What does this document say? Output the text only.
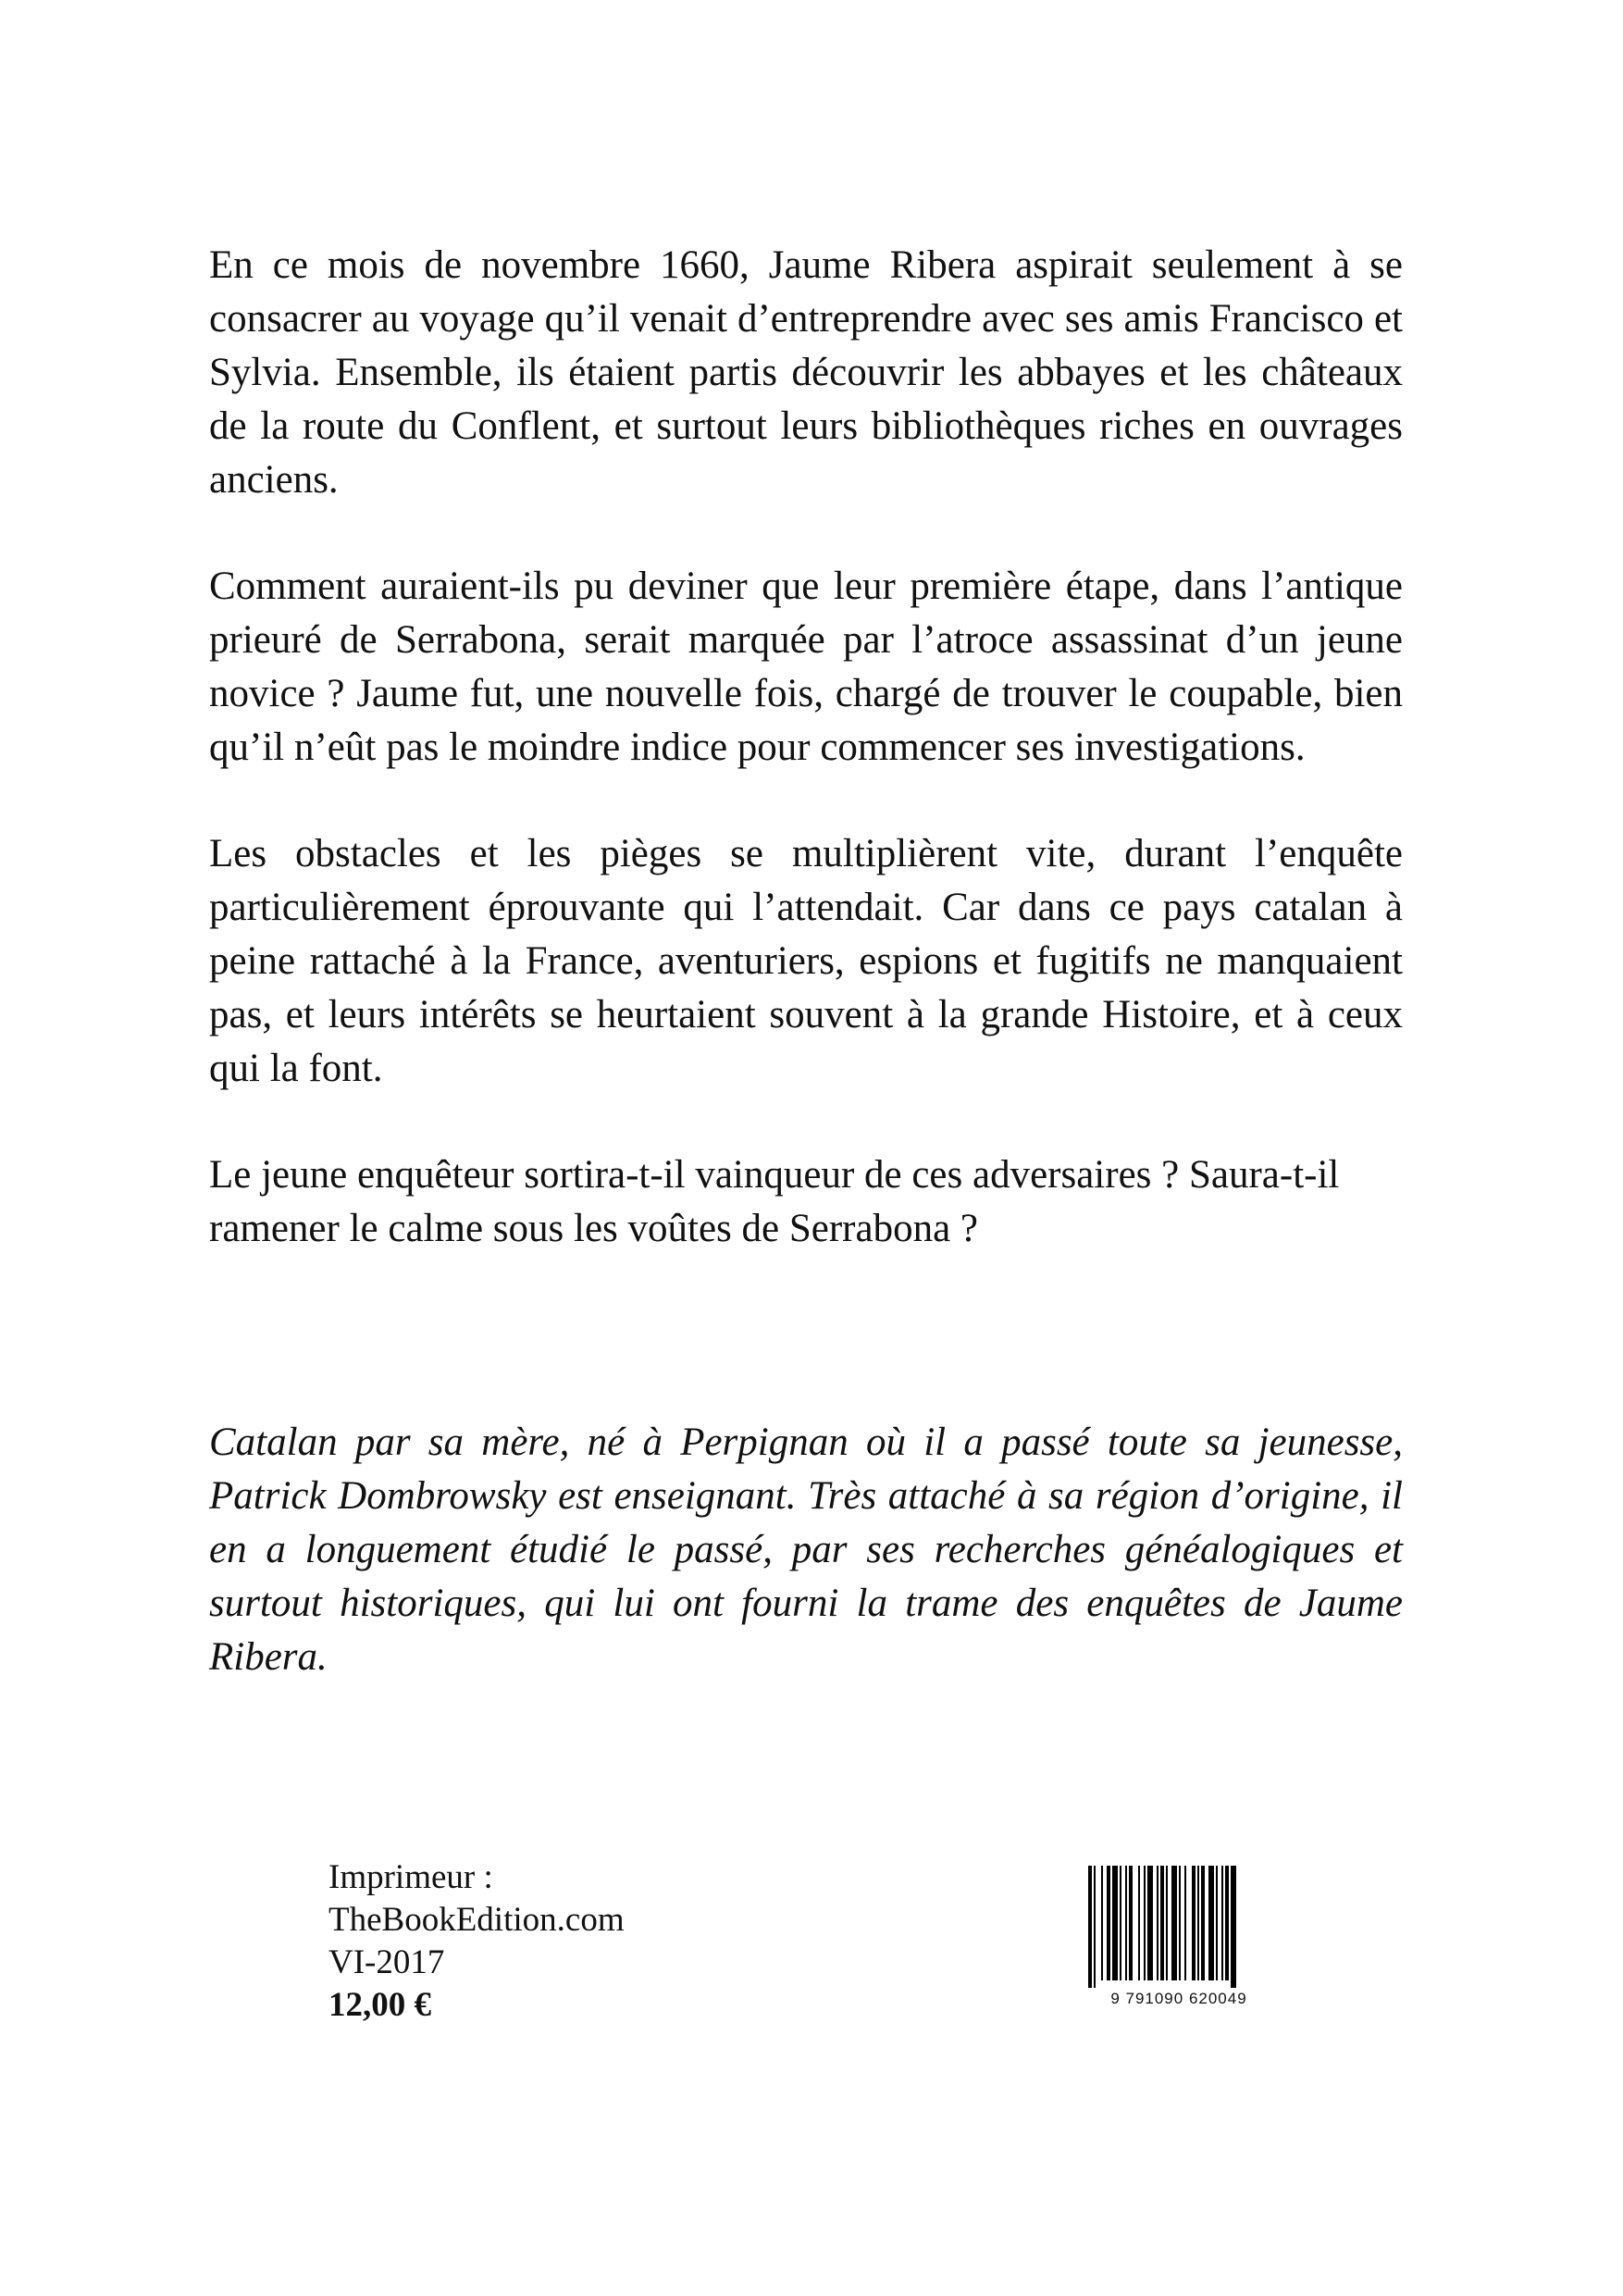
En ce mois de novembre 1660, Jaume Ribera aspirait seulement à se consacrer au voyage qu’il venait d’entreprendre avec ses amis Francisco et Sylvia. Ensemble, ils étaient partis découvrir les abbayes et les châteaux de la route du Conflent, et surtout leurs bibliothèques riches en ouvrages anciens.

Comment auraient-ils pu deviner que leur première étape, dans l’antique prieuré de Serrabona, serait marquée par l’atroce assassinat d’un jeune novice ? Jaume fut, une nouvelle fois, chargé de trouver le coupable, bien qu’il n’eût pas le moindre indice pour commencer ses investigations.

Les obstacles et les pièges se multiplièrent vite, durant l’enquête particulièrement éprouvante qui l’attendait. Car dans ce pays catalan à peine rattaché à la France, aventuriers, espions et fugitifs ne manquaient pas, et leurs intérêts se heurtaient souvent à la grande Histoire, et à ceux qui la font.

Le jeune enquêteur sortira-t-il vainqueur de ces adversaires ? Saura-t-il ramener le calme sous les voûtes de Serrabona ?

Catalan par sa mère, né à Perpignan où il a passé toute sa jeunesse, Patrick Dombrowsky est enseignant. Très attaché à sa région d’origine, il en a longuement étudié le passé, par ses recherches généalogiques et surtout historiques, qui lui ont fourni la trame des enquêtes de Jaume Ribera.

Imprimeur :
TheBookEdition.com
VI-2017
12,00 €	9 791090 620049
